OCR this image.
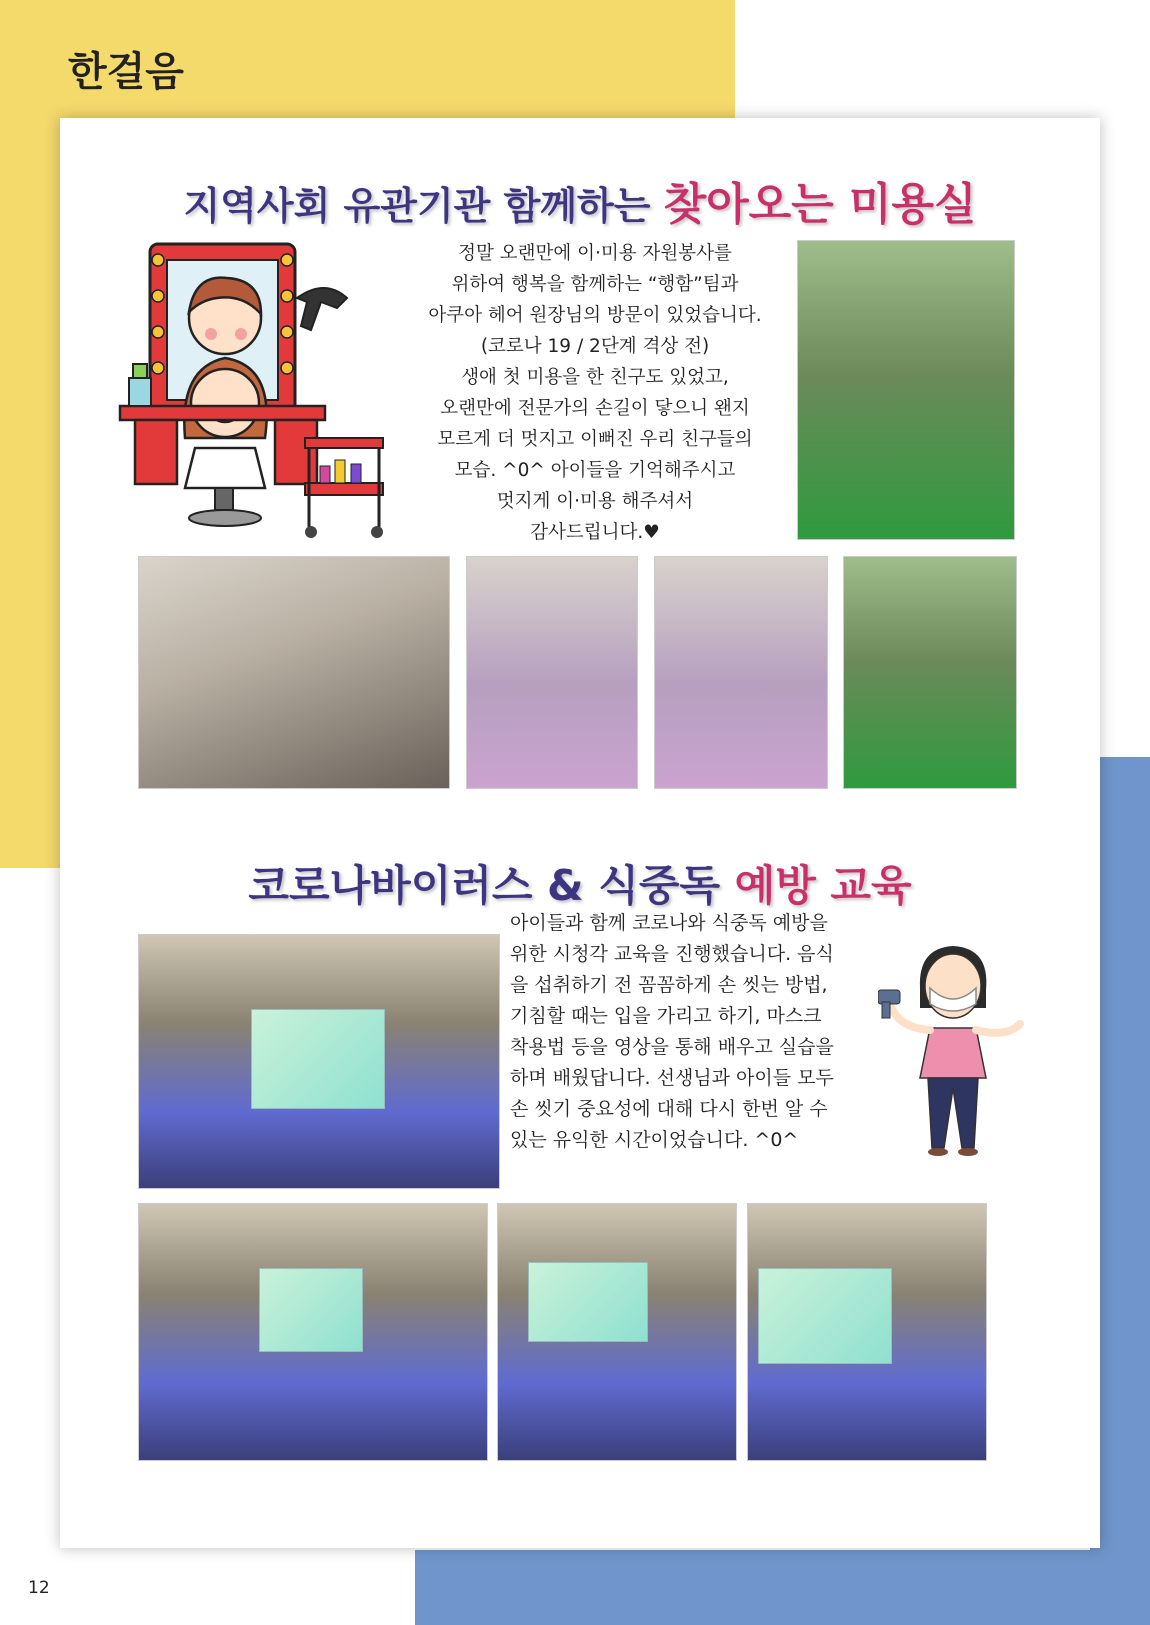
한걸음
지역사회 유관기관 함께하는 찾아오는 미용실
정말 오랜만에 이·미용 자원봉사를
위하여 행복을 함께하는 “행함”팀과
아쿠아 헤어 원장님의 방문이 있었습니다.
(코로나 19 / 2단계 격상 전)
생애 첫 미용을 한 친구도 있었고,
오랜만에 전문가의 손길이 닿으니 왠지
모르게 더 멋지고 이뻐진 우리 친구들의
모습. ^0^ 아이들을 기억해주시고
멋지게 이·미용 해주셔서
감사드립니다.♥
코로나바이러스 & 식중독 예방 교육
아이들과 함께 코로나와 식중독 예방을
위한 시청각 교육을 진행했습니다. 음식
을 섭취하기 전 꼼꼼하게 손 씻는 방법,
기침할 때는 입을 가리고 하기, 마스크
착용법 등을 영상을 통해 배우고 실습을
하며 배웠답니다. 선생님과 아이들 모두
손 씻기 중요성에 대해 다시 한번 알 수
있는 유익한 시간이었습니다. ^0^
12
